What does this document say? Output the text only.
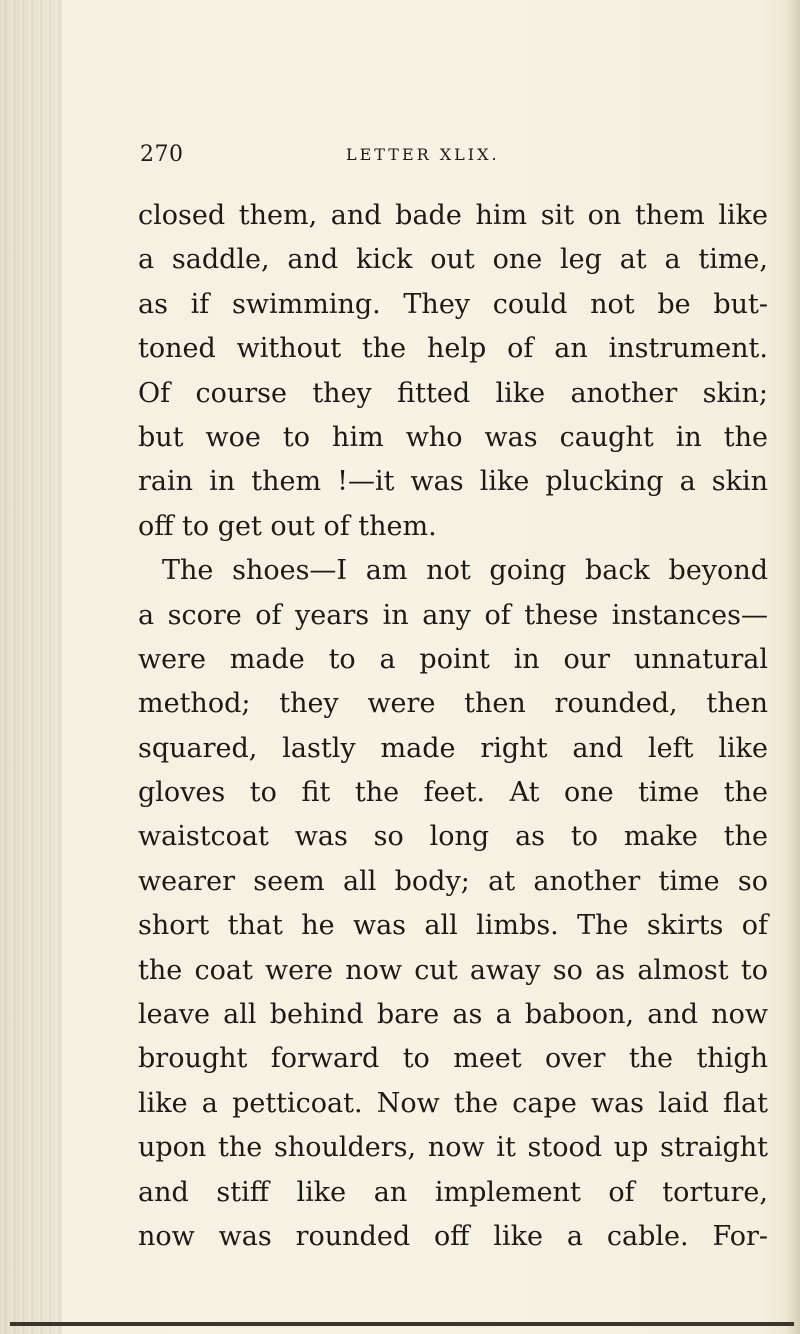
270	LETTER XLIX.
closed them, and bade him sit on them like
a saddle, and kick out one leg at a time,
as if swimming. They could not be but-
toned without the help of an instrument.
Of course they fitted like another skin;
but woe to him who was caught in the
rain in them !—it was like plucking a skin
off to get out of them.
The shoes—I am not going back beyond
a score of years in any of these instances—
were made to a point in our unnatural
method; they were then rounded, then
squared, lastly made right and left like
gloves to fit the feet. At one time the
waistcoat was so long as to make the
wearer seem all body; at another time so
short that he was all limbs. The skirts of
the coat were now cut away so as almost to
leave all behind bare as a baboon, and now
brought forward to meet over the thigh
like a petticoat. Now the cape was laid flat
upon the shoulders, now it stood up straight
and stiff like an implement of torture,
now was rounded off like a cable. For-
